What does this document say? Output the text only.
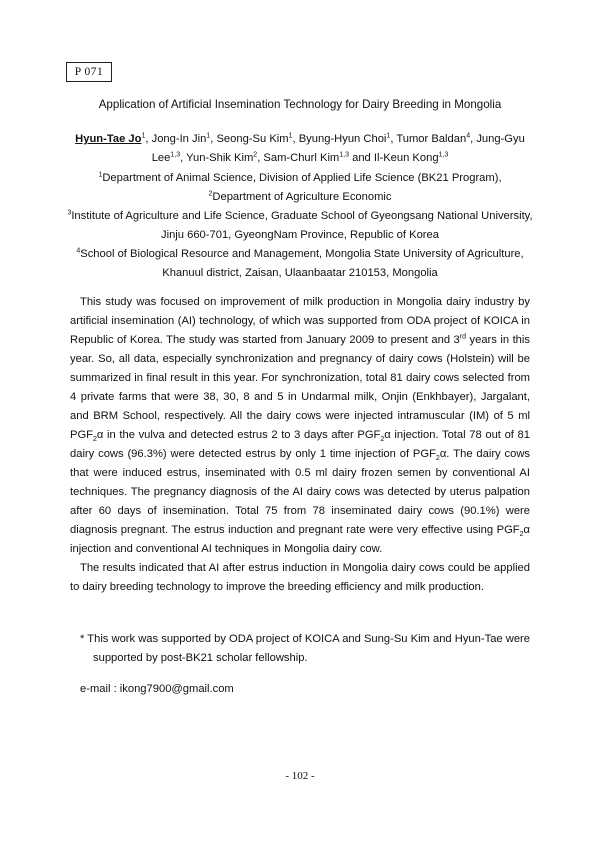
P 071
Application of Artificial Insemination Technology for Dairy Breeding in Mongolia
Hyun-Tae Jo$^1$, Jong-In Jin$^1$, Seong-Su Kim$^1$, Byung-Hyun Choi$^1$, Tumor Baldan$^4$, Jung-Gyu Lee$^{1,3}$, Yun-Shik Kim$^2$, Sam-Churl Kim$^{1,3}$ and Il-Keun Kong$^{1,3}$
$^1$Department of Animal Science, Division of Applied Life Science (BK21 Program),
$^2$Department of Agriculture Economic
$^3$Institute of Agriculture and Life Science, Graduate School of Gyeongsang National University, Jinju 660-701, GyeongNam Province, Republic of Korea
$^4$School of Biological Resource and Management, Mongolia State University of Agriculture, Khanuul district, Zaisan, Ulaanbaatar 210153, Mongolia

This study was focused on improvement of milk production in Mongolia dairy industry by artificial insemination (AI) technology, of which was supported from ODA project of KOICA in Republic of Korea. The study was started from January 2009 to present and 3rd years in this year. So, all data, especially synchronization and pregnancy of dairy cows (Holstein) will be summarized in final result in this year. For synchronization, total 81 dairy cows selected from 4 private farms that were 38, 30, 8 and 5 in Undarmal milk, Onjin (Enkhbayer), Jargalant, and BRM School, respectively. All the dairy cows were injected intramuscular (IM) of 5 ml $PGF_2\alpha$ in the vulva and detected estrus 2 to 3 days after $PGF_2\alpha$ injection. Total 78 out of 81 dairy cows (96.3%) were detected estrus by only 1 time injection of $PGF_2\alpha$. The dairy cows that were induced estrus, inseminated with 0.5 ml dairy frozen semen by conventional AI techniques. The pregnancy diagnosis of the AI dairy cows was detected by uterus palpation after 60 days of insemination. Total 75 from 78 inseminated dairy cows (90.1%) were diagnosis pregnant. The estrus induction and pregnant rate were very effective using $PGF_2\alpha$ injection and conventional AI techniques in Mongolia dairy cow.

The results indicated that AI after estrus induction in Mongolia dairy cows could be applied to dairy breeding technology to improve the breeding efficiency and milk production.

* This work was supported by ODA project of KOICA and Sung-Su Kim and Hyun-Tae were supported by post-BK21 scholar fellowship.
e-mail : ikong7900@gmail.com
- 102 -
